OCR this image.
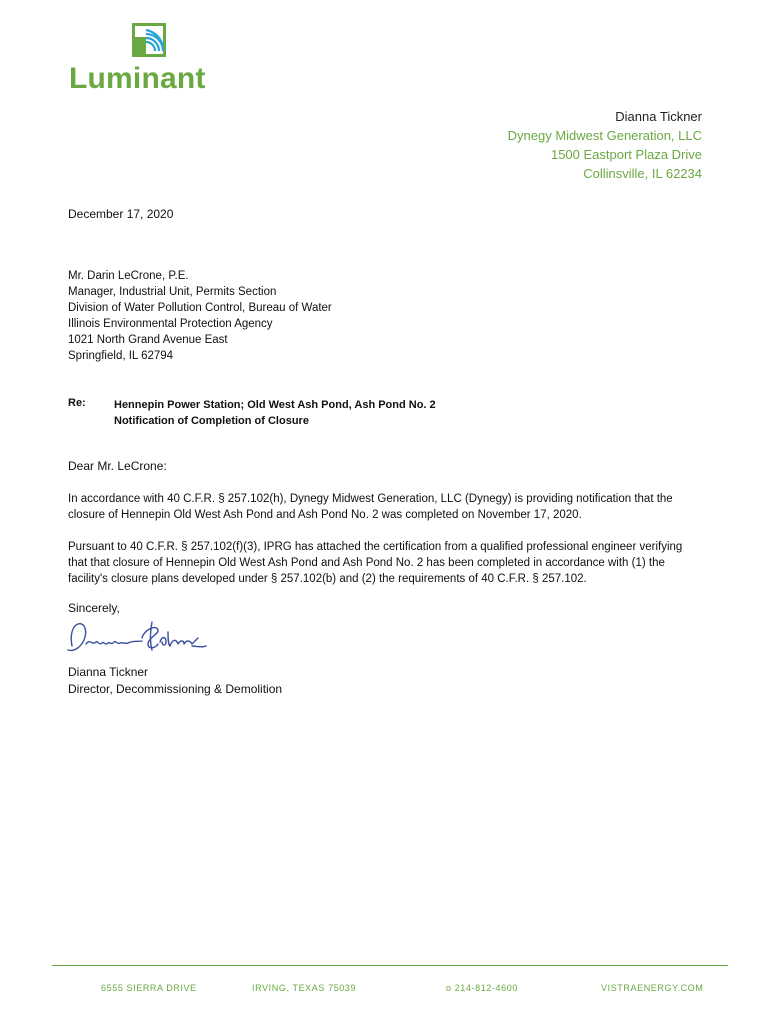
Luminant
Dianna Tickner
Dynegy Midwest Generation, LLC
1500 Eastport Plaza Drive
Collinsville, IL 62234
December 17, 2020
Mr. Darin LeCrone, P.E.
Manager, Industrial Unit, Permits Section
Division of Water Pollution Control, Bureau of Water
Illinois Environmental Protection Agency
1021 North Grand Avenue East
Springfield, IL 62794
Re:	Hennepin Power Station; Old West Ash Pond, Ash Pond No. 2
Notification of Completion of Closure
Dear Mr. LeCrone:
In accordance with 40 C.F.R. § 257.102(h), Dynegy Midwest Generation, LLC (Dynegy) is providing notification that the closure of Hennepin Old West Ash Pond and Ash Pond No. 2 was completed on November 17, 2020.
Pursuant to 40 C.F.R. § 257.102(f)(3), IPRG has attached the certification from a qualified professional engineer verifying that that closure of Hennepin Old West Ash Pond and Ash Pond No. 2 has been completed in accordance with (1) the facility's closure plans developed under § 257.102(b) and (2) the requirements of 40 C.F.R. § 257.102.
Sincerely,
Dianna Tickner
Director, Decommissioning & Demolition
6555 SIERRA DRIVE	IRVING, TEXAS 75039	o 214-812-4600	VISTRAENERGY.COM
